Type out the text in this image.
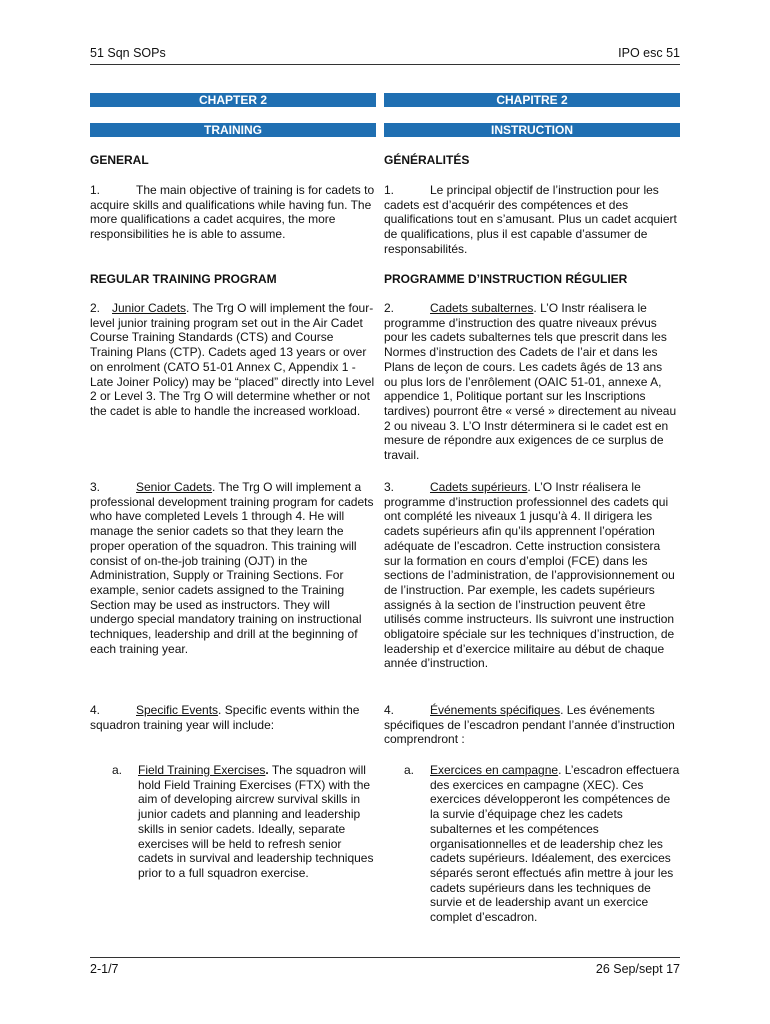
51 Sqn SOPs	IPO esc 51
CHAPTER 2	CHAPITRE 2
TRAINING	INSTRUCTION
GENERAL	GÉNÉRALITÉS
1.	The main objective of training is for cadets to acquire skills and qualifications while having fun. The more qualifications a cadet acquires, the more responsibilities he is able to assume.
1.	Le principal objectif de l’instruction pour les cadets est d’acquérir des compétences et des qualifications tout en s’amusant. Plus un cadet acquiert de qualifications, plus il est capable d’assumer de responsabilités.
REGULAR TRAINING PROGRAM	PROGRAMME D’INSTRUCTION RÉGULIER
2. Junior Cadets. The Trg O will implement the four-level junior training program set out in the Air Cadet Course Training Standards (CTS) and Course Training Plans (CTP). Cadets aged 13 years or over on enrolment (CATO 51-01 Annex C, Appendix 1 - Late Joiner Policy) may be “placed” directly into Level 2 or Level 3. The Trg O will determine whether or not the cadet is able to handle the increased workload.
2.	Cadets subalternes. L’O Instr réalisera le programme d’instruction des quatre niveaux prévus pour les cadets subalternes tels que prescrit dans les Normes d’instruction des Cadets de l’air et dans les Plans de leçon de cours. Les cadets âgés de 13 ans ou plus lors de l’enrôlement (OAIC 51-01, annexe A, appendice 1, Politique portant sur les Inscriptions tardives) pourront être « versé » directement au niveau 2 ou niveau 3. L’O Instr déterminera si le cadet est en mesure de répondre aux exigences de ce surplus de travail.
3.	Senior Cadets. The Trg O will implement a professional development training program for cadets who have completed Levels 1 through 4. He will manage the senior cadets so that they learn the proper operation of the squadron. This training will consist of on-the-job training (OJT) in the Administration, Supply or Training Sections. For example, senior cadets assigned to the Training Section may be used as instructors. They will undergo special mandatory training on instructional techniques, leadership and drill at the beginning of each training year.
3.	Cadets supérieurs. L’O Instr réalisera le programme d’instruction professionnel des cadets qui ont complété les niveaux 1 jusqu’à 4. Il dirigera les cadets supérieurs afin qu’ils apprennent l’opération adéquate de l’escadron. Cette instruction consistera sur la formation en cours d’emploi (FCE) dans les sections de l’administration, de l’approvisionnement ou de l’instruction. Par exemple, les cadets supérieurs assignés à la section de l’instruction peuvent être utilisés comme instructeurs. Ils suivront une instruction obligatoire spéciale sur les techniques d’instruction, de leadership et d’exercice militaire au début de chaque année d’instruction.
4.	Specific Events. Specific events within the squadron training year will include:
4.	Événements spécifiques. Les événements spécifiques de l’escadron pendant l’année d’instruction comprendront :
a. Field Training Exercises. The squadron will hold Field Training Exercises (FTX) with the aim of developing aircrew survival skills in junior cadets and planning and leadership skills in senior cadets. Ideally, separate exercises will be held to refresh senior cadets in survival and leadership techniques prior to a full squadron exercise.
a. Exercices en campagne. L’escadron effectuera des exercices en campagne (XEC). Ces exercices développeront les compétences de la survie d’équipage chez les cadets subalternes et les compétences organisationnelles et de leadership chez les cadets supérieurs. Idéalement, des exercices séparés seront effectués afin mettre à jour les cadets supérieurs dans les techniques de survie et de leadership avant un exercice complet d’escadron.
2-1/7	26 Sep/sept 17
